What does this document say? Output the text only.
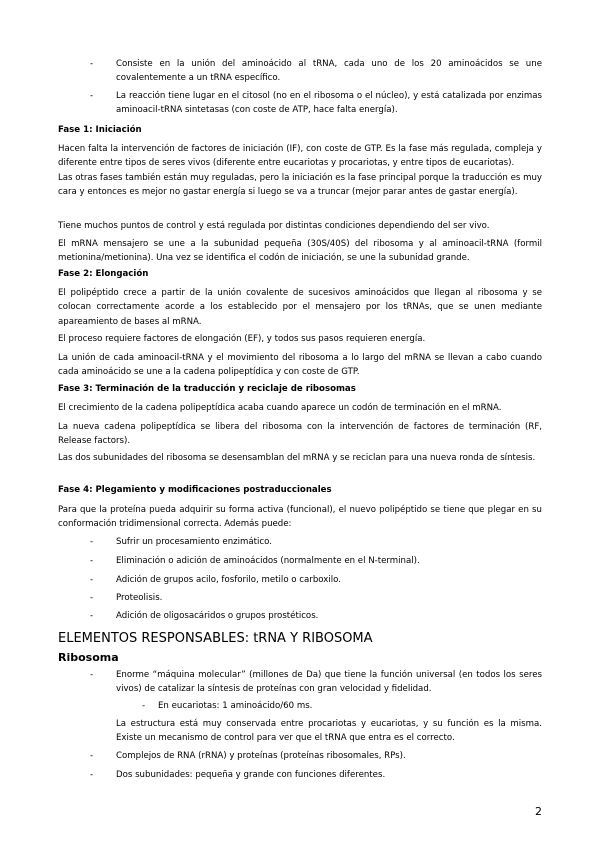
-	Consiste en la unión del aminoácido al tRNA, cada uno de los 20 aminoácidos se une covalentemente a un tRNA específico.
-	La reacción tiene lugar en el citosol (no en el ribosoma o el núcleo), y está catalizada por enzimas aminoacil-tRNA sintetasas (con coste de ATP, hace falta energía).

Fase 1: Iniciación

Hacen falta la intervención de factores de iniciación (IF), con coste de GTP. Es la fase más regulada, compleja y diferente entre tipos de seres vivos (diferente entre eucariotas y procariotas, y entre tipos de eucariotas).

Las otras fases también están muy reguladas, pero la iniciación es la fase principal porque la traducción es muy cara y entonces es mejor no gastar energía si luego se va a truncar (mejor parar antes de gastar energía).

Tiene muchos puntos de control y está regulada por distintas condiciones dependiendo del ser vivo.

El mRNA mensajero se une a la subunidad pequeña (30S/40S) del ribosoma y al aminoacil-tRNA (formil metionina/metionina). Una vez se identifica el codón de iniciación, se une la subunidad grande.

Fase 2: Elongación

El polipéptido crece a partir de la unión covalente de sucesivos aminoácidos que llegan al ribosoma y se colocan correctamente acorde a los establecido por el mensajero por los tRNAs, que se unen mediante apareamiento de bases al mRNA.

El proceso requiere factores de elongación (EF), y todos sus pasos requieren energía.

La unión de cada aminoacil-tRNA y el movimiento del ribosoma a lo largo del mRNA se llevan a cabo cuando cada aminoácido se une a la cadena polipeptídica y con coste de GTP.

Fase 3: Terminación de la traducción y reciclaje de ribosomas

El crecimiento de la cadena polipeptídica acaba cuando aparece un codón de terminación en el mRNA.

La nueva cadena polipeptídica se libera del ribosoma con la intervención de factores de terminación (RF, Release factors).

Las dos subunidades del ribosoma se desensamblan del mRNA y se reciclan para una nueva ronda de síntesis.

Fase 4: Plegamiento y modificaciones postraduccionales

Para que la proteína pueda adquirir su forma activa (funcional), el nuevo polipéptido se tiene que plegar en su conformación tridimensional correcta. Además puede:

-	Sufrir un procesamiento enzimático.
-	Eliminación o adición de aminoácidos (normalmente en el N-terminal).
-	Adición de grupos acilo, fosforilo, metilo o carboxilo.
-	Proteolisis.
-	Adición de oligosacáridos o grupos prostéticos.
ELEMENTOS RESPONSABLES: tRNA Y RIBOSOMA
Ribosoma
-	Enorme “máquina molecular” (millones de Da) que tiene la función universal (en todos los seres vivos) de catalizar la síntesis de proteínas con gran velocidad y fidelidad.
- En eucariotas: 1 aminoácido/60 ms.

La estructura está muy conservada entre procariotas y eucariotas, y su función es la misma. Existe un mecanismo de control para ver que el tRNA que entra es el correcto.

-	Complejos de RNA (rRNA) y proteínas (proteínas ribosomales, RPs).
-	Dos subunidades: pequeña y grande con funciones diferentes.
2
